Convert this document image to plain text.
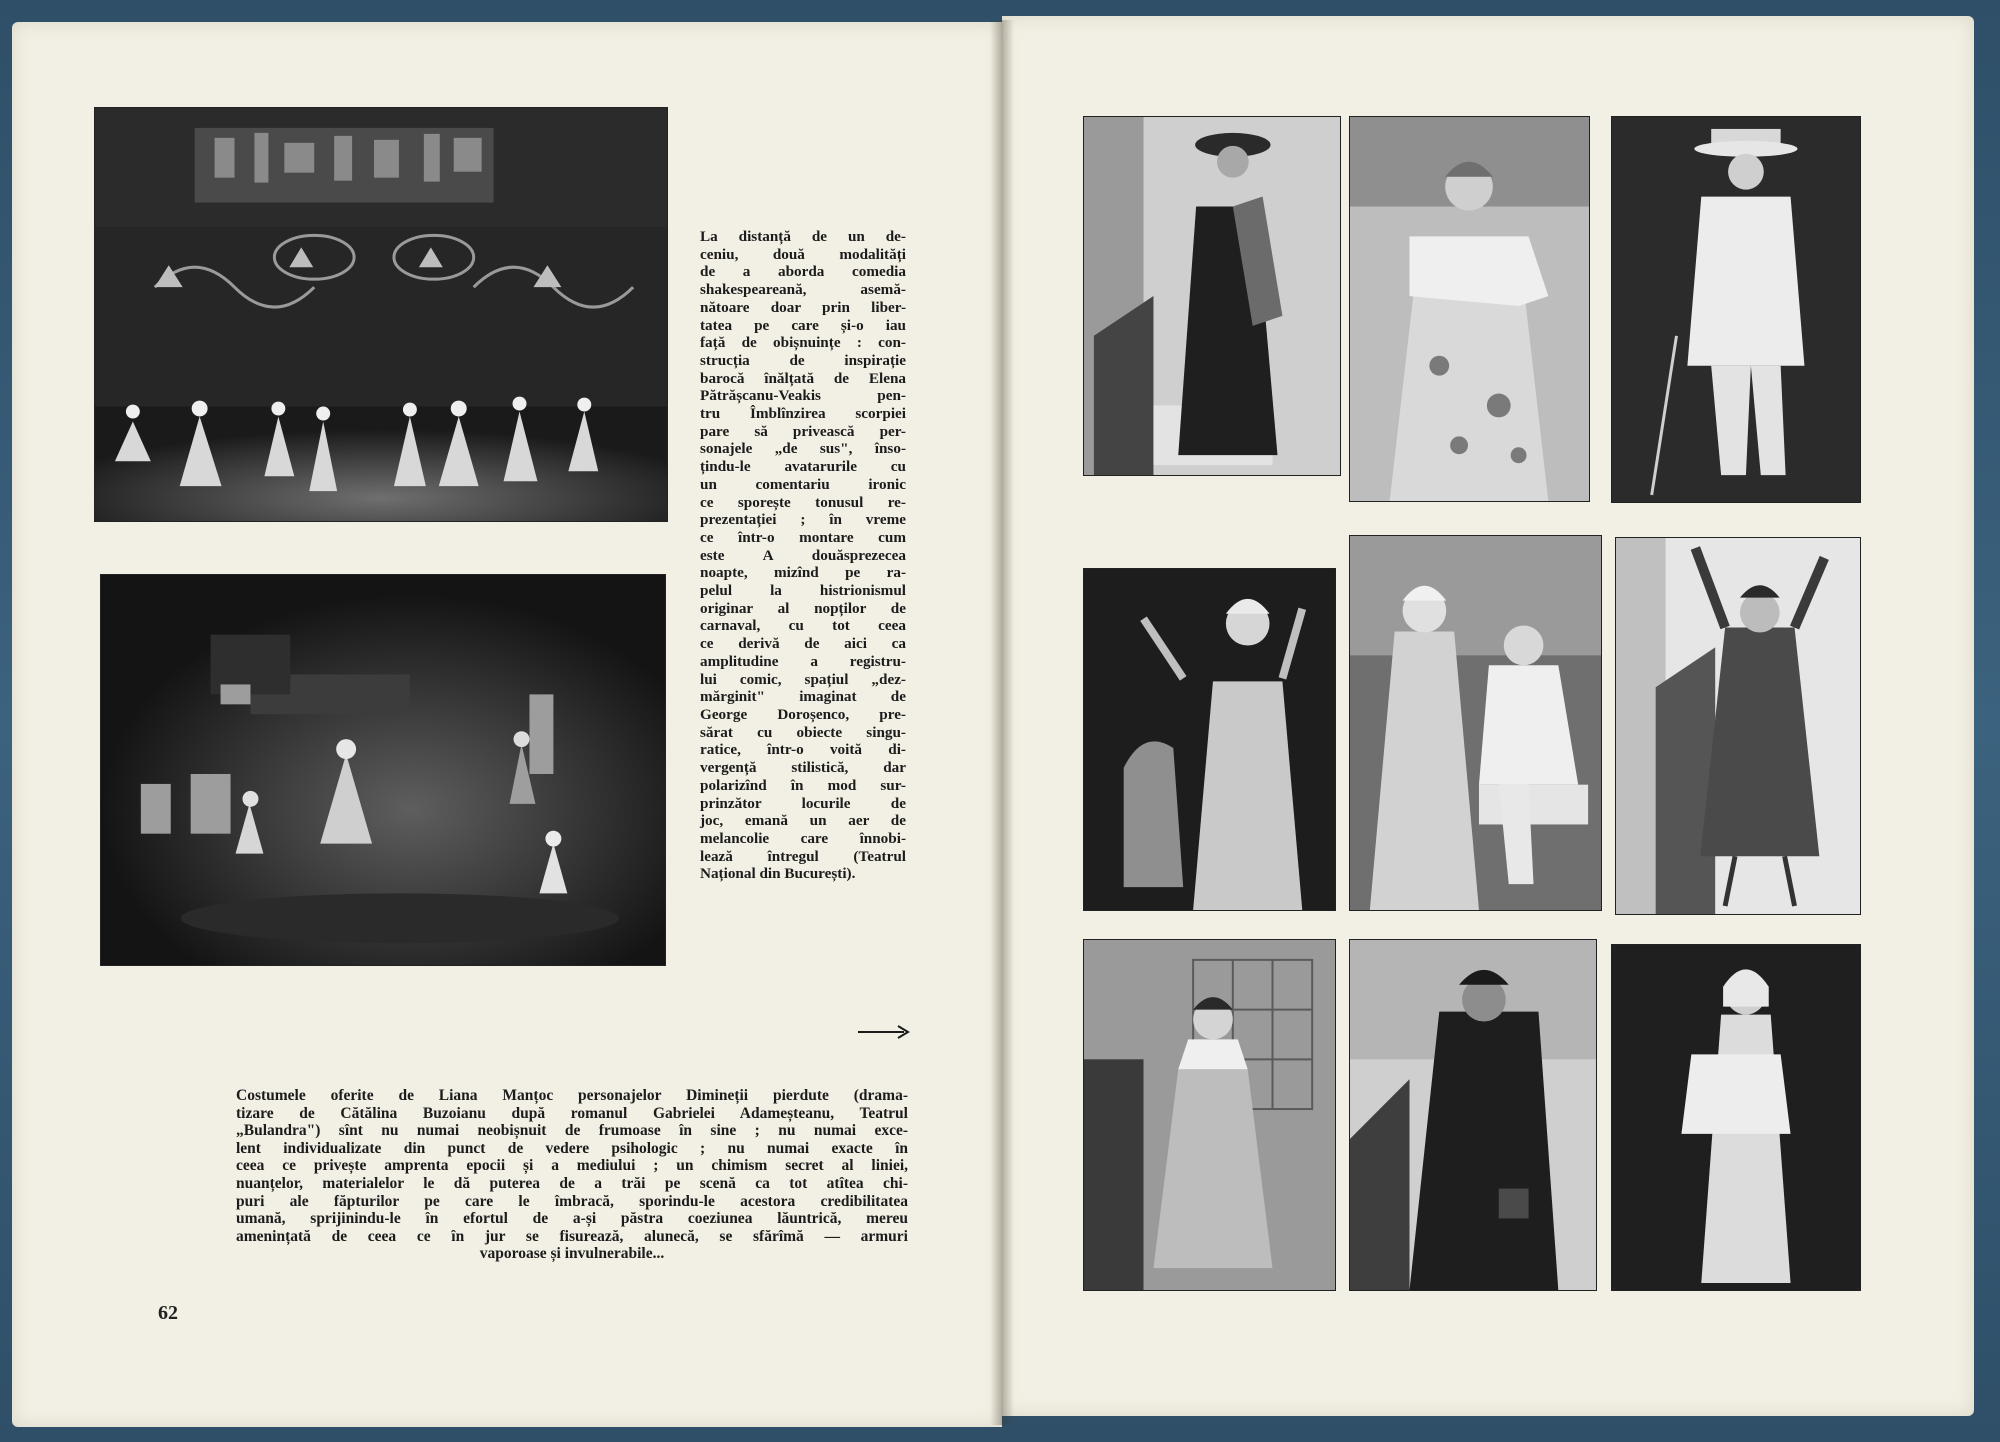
La distanță de un de-
ceniu, două modalități
de a aborda comedia
shakespeareană, asemă-
nătoare doar prin liber-
tatea pe care și-o iau
față de obișnuințe : con-
strucția de inspirație
barocă înălțată de Elena
Pătrășcanu-Veakis pen-
tru Îmblînzirea scorpiei
pare să privească per-
sonajele „de sus", înso-
țindu-le avatarurile cu
un comentariu ironic
ce sporește tonusul re-
prezentației ; în vreme
ce într-o montare cum
este A douăsprezecea
noapte, mizînd pe ra-
pelul la histrionismul
originar al nopților de
carnaval, cu tot ceea
ce derivă de aici ca
amplitudine a registru-
lui comic, spațiul „dez-
mărginit" imaginat de
George Doroșenco, pre-
sărat cu obiecte singu-
ratice, într-o voită di-
vergență stilistică, dar
polarizînd în mod sur-
prinzător locurile de
joc, emană un aer de
melancolie care înnobi-
lează întregul (Teatrul
Național din București).
Costumele oferite de Liana Manțoc personajelor Dimineții pierdute (drama-
tizare de Cătălina Buzoianu după romanul Gabrielei Adameșteanu, Teatrul
„Bulandra") sînt nu numai neobișnuit de frumoase în sine ; nu numai exce-
lent individualizate din punct de vedere psihologic ; nu numai exacte în
ceea ce privește amprenta epocii și a mediului ; un chimism secret al liniei,
nuanțelor, materialelor le dă puterea de a trăi pe scenă ca tot atîtea chi-
puri ale făpturilor pe care le îmbracă, sporindu-le acestora credibilitatea
umană, sprijinindu-le în efortul de a-și păstra coeziunea lăuntrică, mereu
amenințată de ceea ce în jur se fisurează, alunecă, se sfărîmă — armuri
vaporoase și invulnerabile...
62
